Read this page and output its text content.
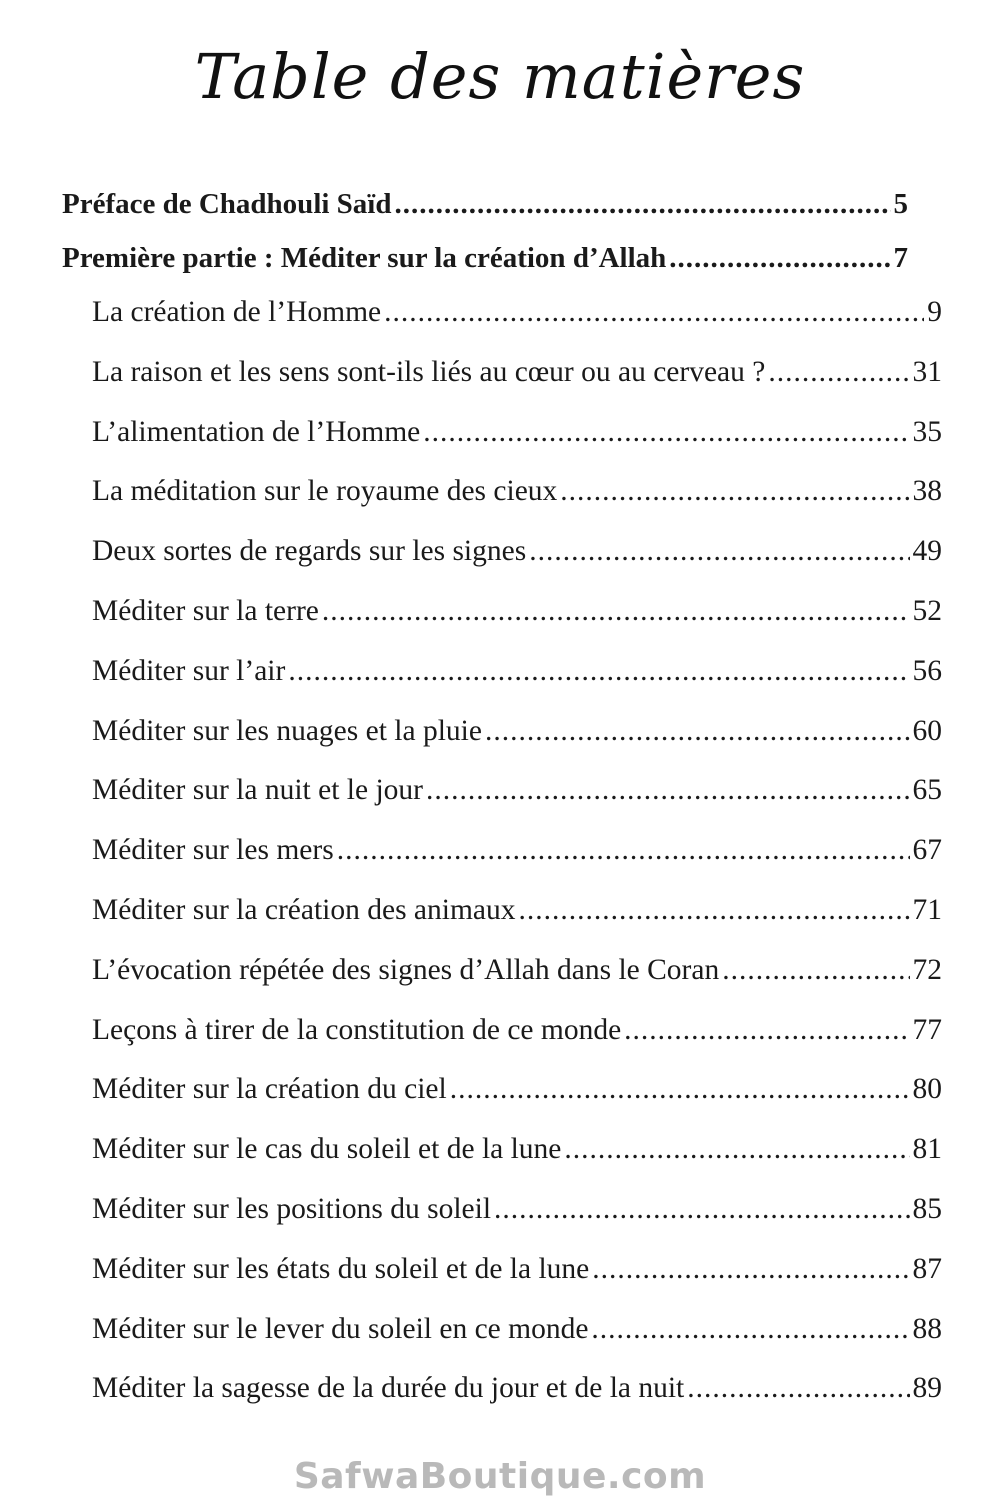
Table des matières
Préface de Chadhouli Saïd .....	5
Première partie : Méditer sur la création d’Allah .....	7
La création de l’Homme .....	9
La raison et les sens sont-ils liés au cœur ou au cerveau ? .....	31
L’alimentation de l’Homme .....	35
La méditation sur le royaume des cieux .....	38
Deux sortes de regards sur les signes .....	49
Méditer sur la terre .....	52
Méditer sur l’air .....	56
Méditer sur les nuages et la pluie .....	60
Méditer sur la nuit et le jour .....	65
Méditer sur les mers .....	67
Méditer sur la création des animaux .....	71
L’évocation répétée des signes d’Allah dans le Coran .....	72
Leçons à tirer de la constitution de ce monde .....	77
Méditer sur la création du ciel .....	80
Méditer sur le cas du soleil et de la lune .....	81
Méditer sur les positions du soleil .....	85
Méditer sur les états du soleil et de la lune .....	87
Méditer sur le lever du soleil en ce monde .....	88
Méditer la sagesse de la durée du jour et de la nuit .....	89
SafwaBoutique.com
